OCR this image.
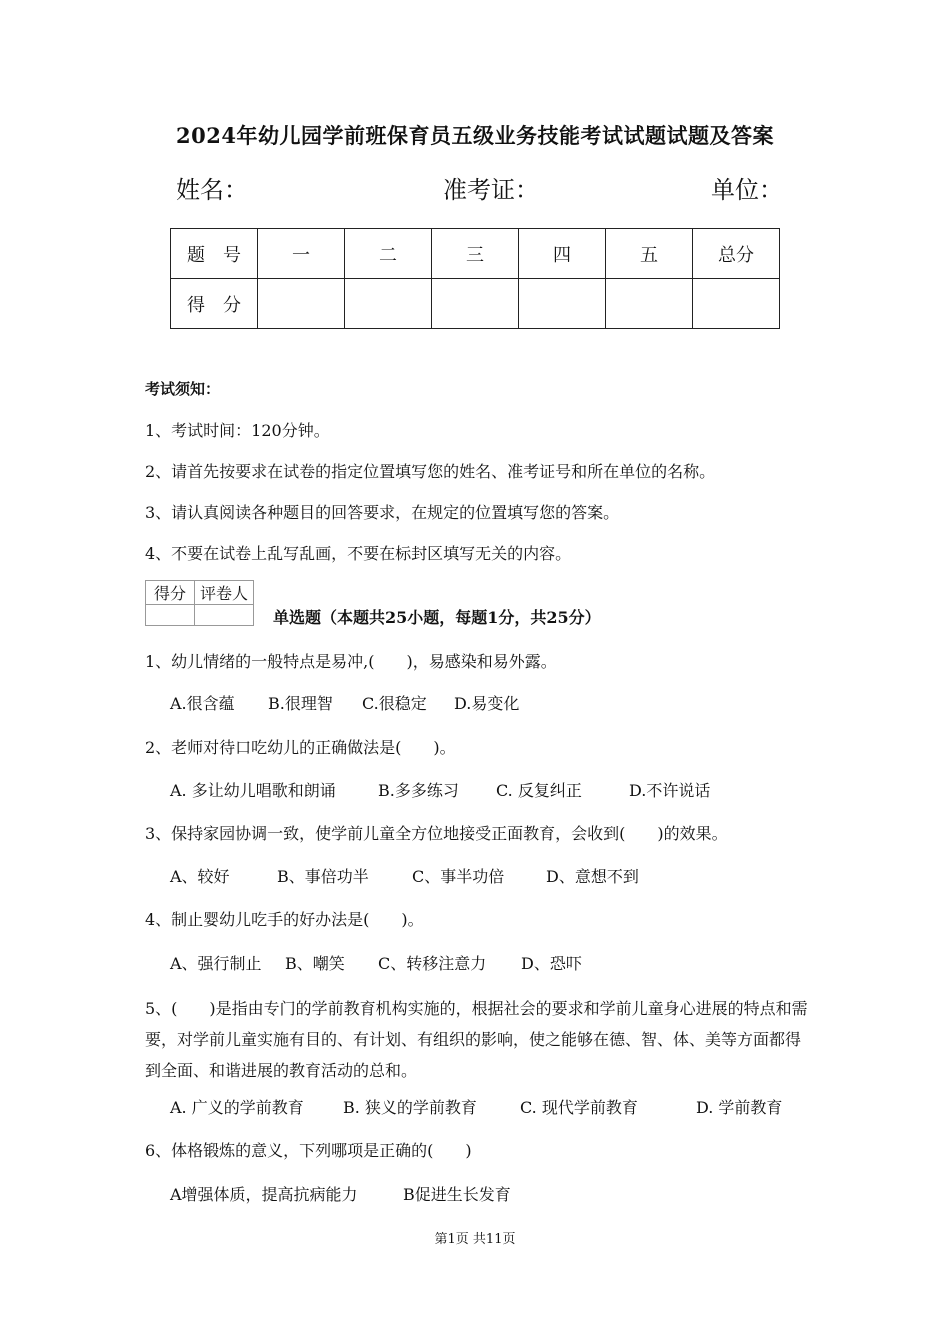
2024年幼儿园学前班保育员五级业务技能考试试题试题及答案
姓名：	准考证：	单位：
题　号	一	二	三	四	五	总分
得　分						
考试须知：
1、考试时间：120分钟。
2、请首先按要求在试卷的指定位置填写您的姓名、准考证号和所在单位的名称。
3、请认真阅读各种题目的回答要求，在规定的位置填写您的答案。
4、不要在试卷上乱写乱画，不要在标封区填写无关的内容。
得分	评卷人

单选题（本题共25小题，每题1分，共25分）
1、幼儿情绪的一般特点是易冲,(　　)，易感染和易外露。
A.很含蕴 B.很理智 C.很稳定 D.易变化
2、老师对待口吃幼儿的正确做法是(　　)。
A. 多让幼儿唱歌和朗诵	B.多多练习 C. 反复纠正	D.不许说话
3、保持家园协调一致，使学前儿童全方位地接受正面教育，会收到(　　)的效果。
A、较好	B、事倍功半	C、事半功倍	D、意想不到
4、制止婴幼儿吃手的好办法是(　　)。
A、强行制止 B、嘲笑 C、转移注意力 D、恐吓
5、(　　)是指由专门的学前教育机构实施的，根据社会的要求和学前儿童身心进展的特点和需要，对学前儿童实施有目的、有计划、有组织的影响，使之能够在德、智、体、美等方面都得到全面、和谐进展的教育活动的总和。
A. 广义的学前教育 B. 狭义的学前教育	C. 现代学前教育	D. 学前教育
6、体格锻炼的意义，下列哪项是正确的(　　)
A增强体质，提高抗病能力	B促进生长发育
第1页 共11页
